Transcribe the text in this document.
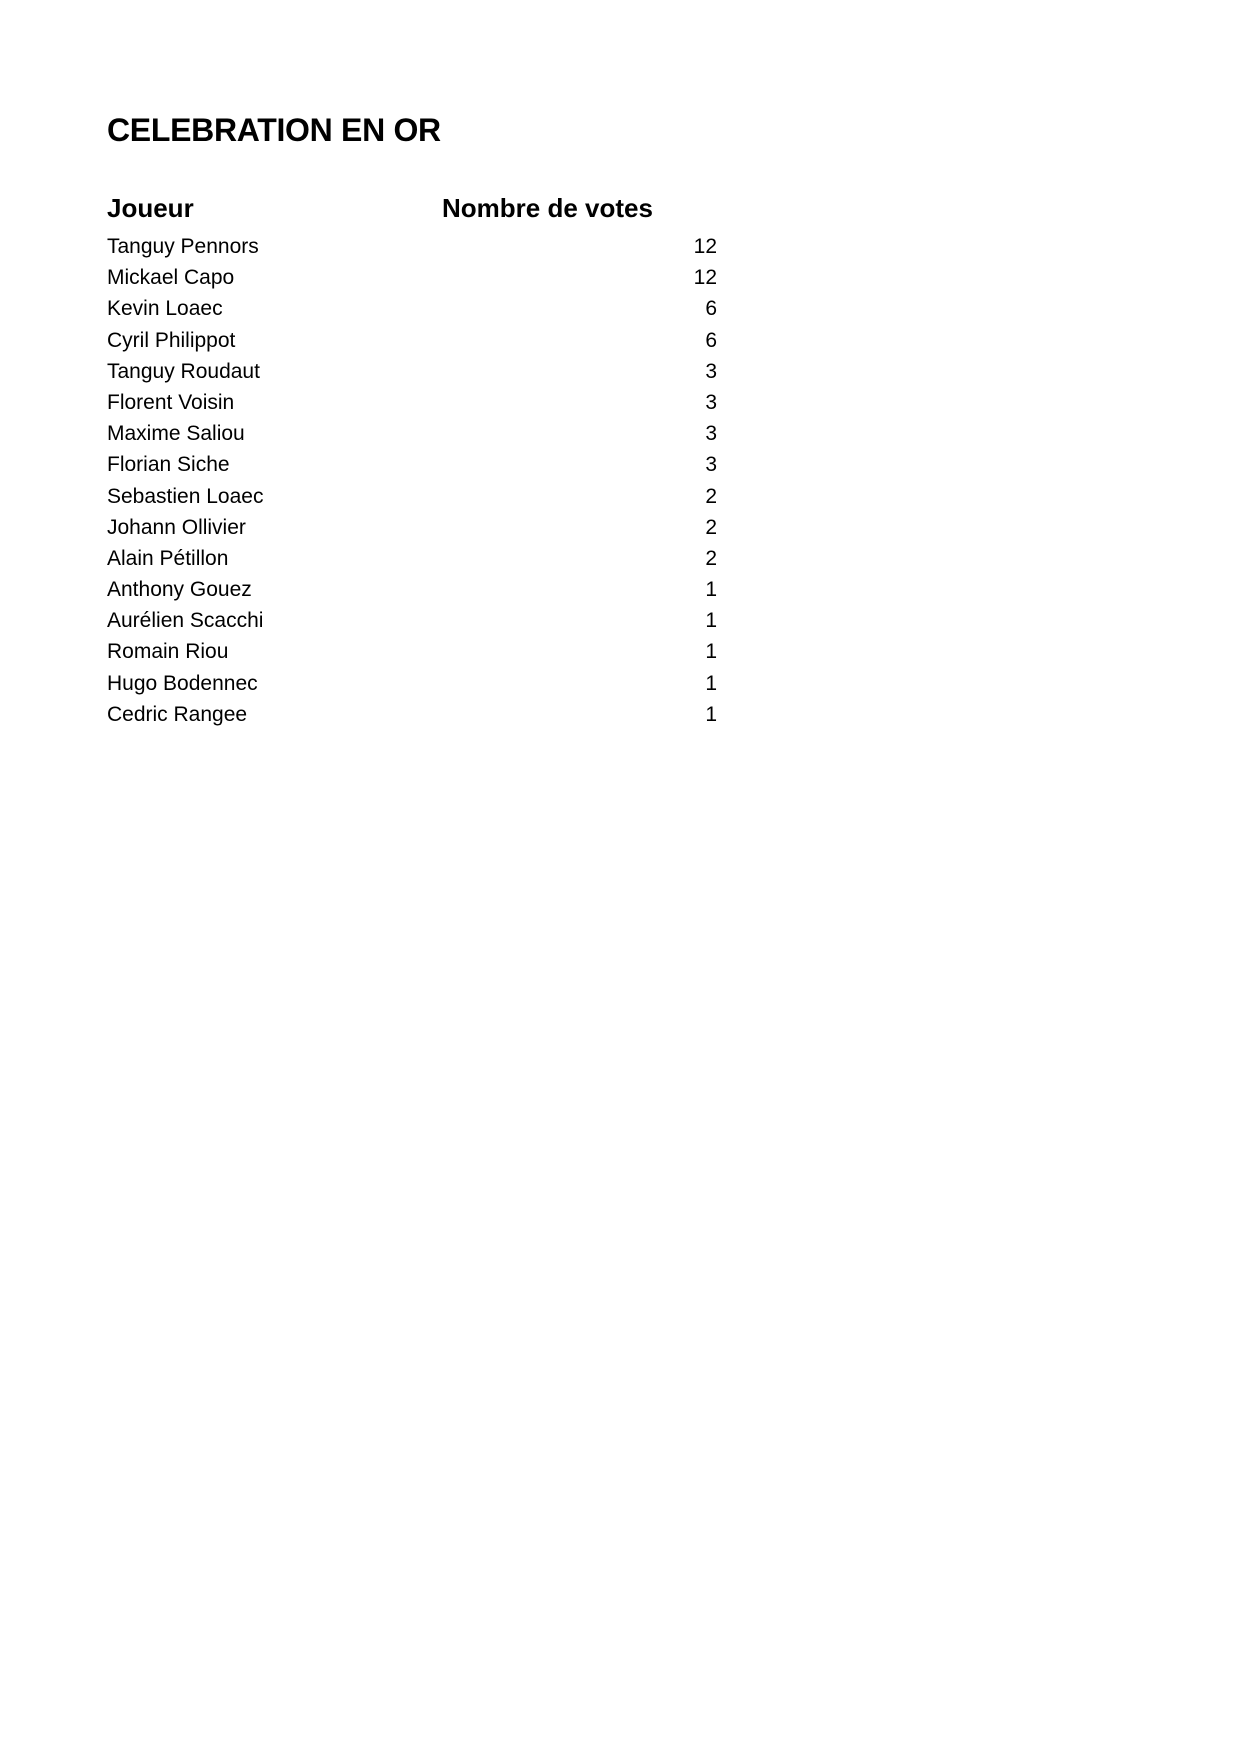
CELEBRATION EN OR
Joueur	Nombre de votes
Tanguy Pennors	12
Mickael Capo	12
Kevin Loaec	6
Cyril Philippot	6
Tanguy Roudaut	3
Florent Voisin	3
Maxime Saliou	3
Florian Siche	3
Sebastien Loaec	2
Johann Ollivier	2
Alain Pétillon	2
Anthony Gouez	1
Aurélien Scacchi	1
Romain Riou	1
Hugo Bodennec	1
Cedric Rangee	1
